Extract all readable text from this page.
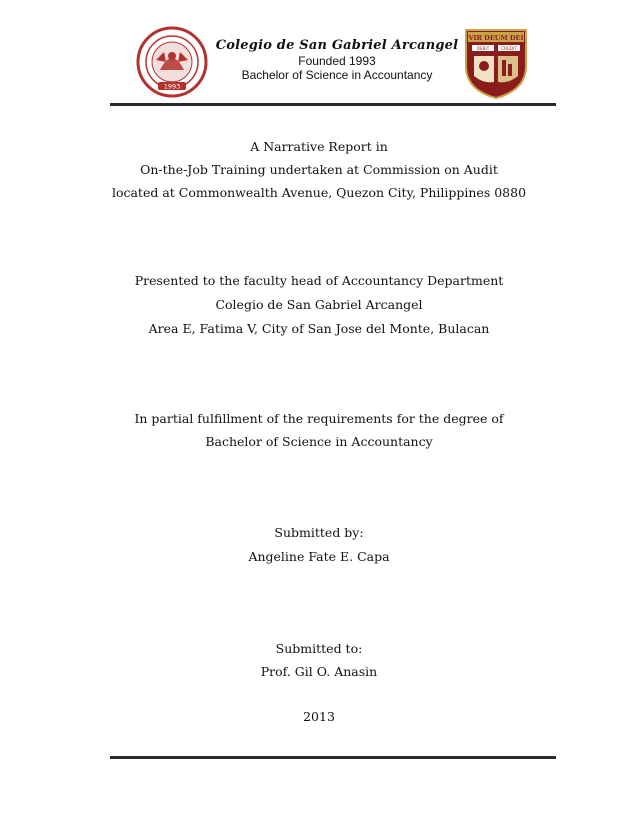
1993
Colegio de San Gabriel Arcangel
Founded 1993
Bachelor of Science in Accountancy
VIR DEUM DEI
DEBIT	CREDIT
A Narrative Report in
On-the-Job Training undertaken at Commission on Audit
located at Commonwealth Avenue, Quezon City, Philippines 0880
Presented to the faculty head of Accountancy Department
Colegio de San Gabriel Arcangel
Area E, Fatima V, City of San Jose del Monte, Bulacan
In partial fulfillment of the requirements for the degree of
Bachelor of Science in Accountancy
Submitted by:
Angeline Fate E. Capa
Submitted to:
Prof. Gil O. Anasin
2013
